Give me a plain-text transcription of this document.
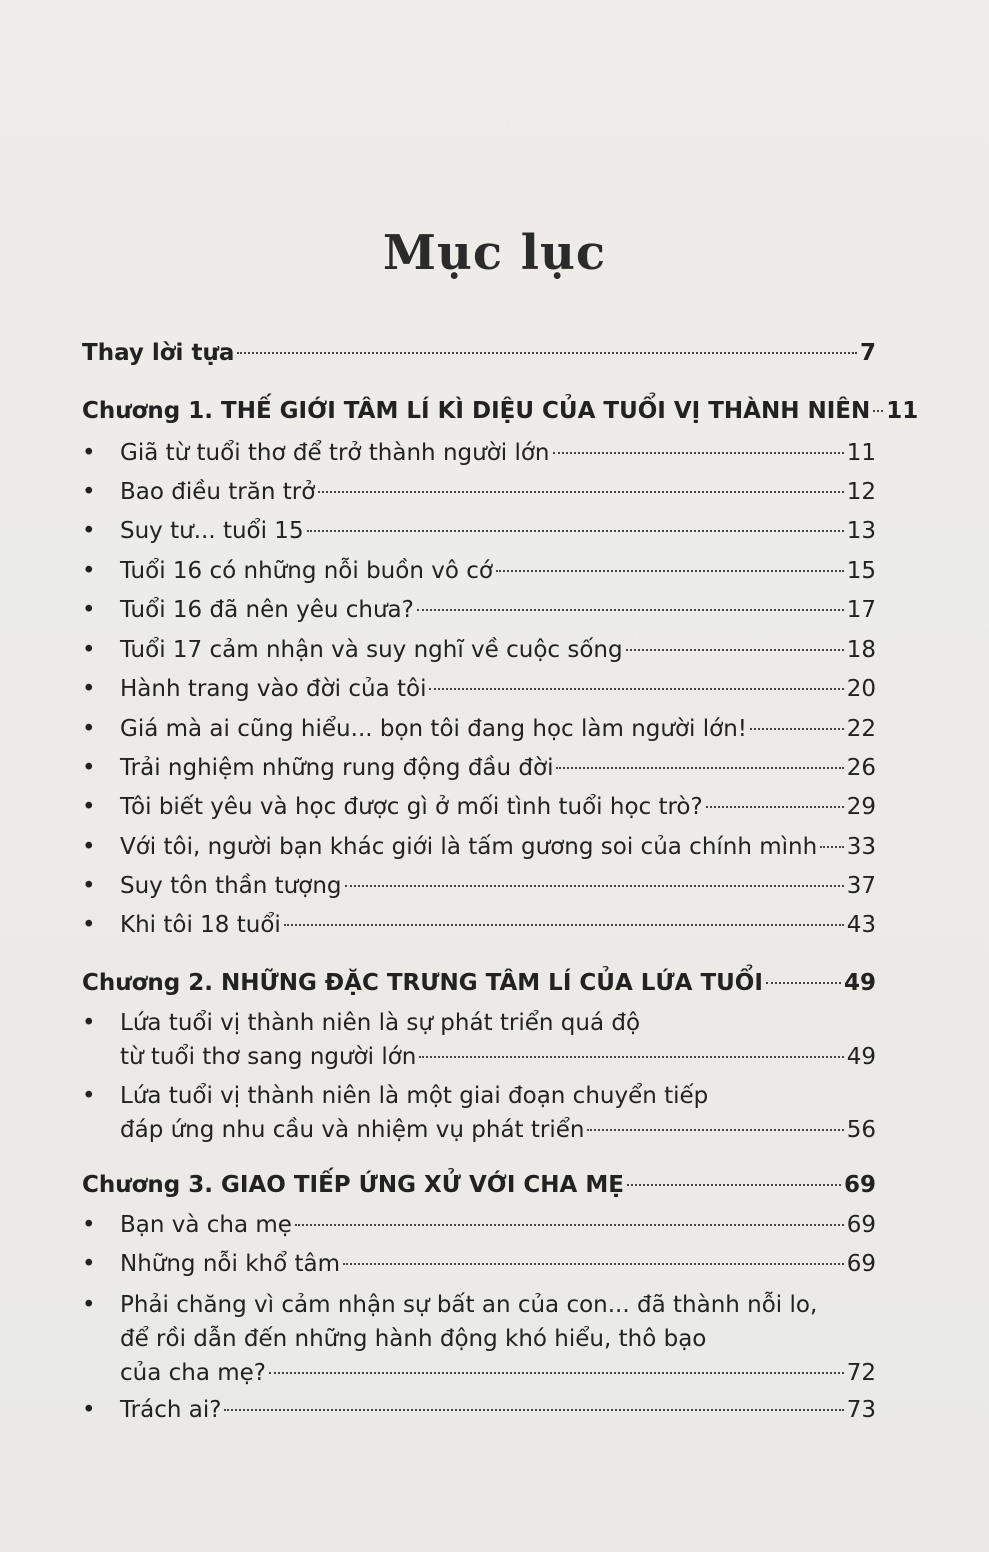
Mục lục
Thay lời tựa	7
Chương 1. THẾ GIỚI TÂM LÍ KÌ DIỆU CỦA TUỔI VỊ THÀNH NIÊN 11
•	Giã từ tuổi thơ để trở thành người lớn	11
•	Bao điều trăn trở	12
•	Suy tư... tuổi 15	13
•	Tuổi 16 có những nỗi buồn vô cớ	15
•	Tuổi 16 đã nên yêu chưa?	17
•	Tuổi 17 cảm nhận và suy nghĩ về cuộc sống	18
•	Hành trang vào đời của tôi	20
•	Giá mà ai cũng hiểu... bọn tôi đang học làm người lớn!	22
•	Trải nghiệm những rung động đầu đời	26
•	Tôi biết yêu và học được gì ở mối tình tuổi học trò?	29
•	Với tôi, người bạn khác giới là tấm gương soi của chính mình 33
•	Suy tôn thần tượng	37
•	Khi tôi 18 tuổi	43
Chương 2. NHỮNG ĐẶC TRƯNG TÂM LÍ CỦA LỨA TUỔI	49
•	Lứa tuổi vị thành niên là sự phát triển quá độ
từ tuổi thơ sang người lớn	49
•	Lứa tuổi vị thành niên là một giai đoạn chuyển tiếp
đáp ứng nhu cầu và nhiệm vụ phát triển	56
Chương 3. GIAO TIẾP ỨNG XỬ VỚI CHA MẸ	69
•	Bạn và cha mẹ	69
•	Những nỗi khổ tâm	69
•	Phải chăng vì cảm nhận sự bất an của con... đã thành nỗi lo,
để rồi dẫn đến những hành động khó hiểu, thô bạo
của cha mẹ?	72
•	Trách ai?	73
